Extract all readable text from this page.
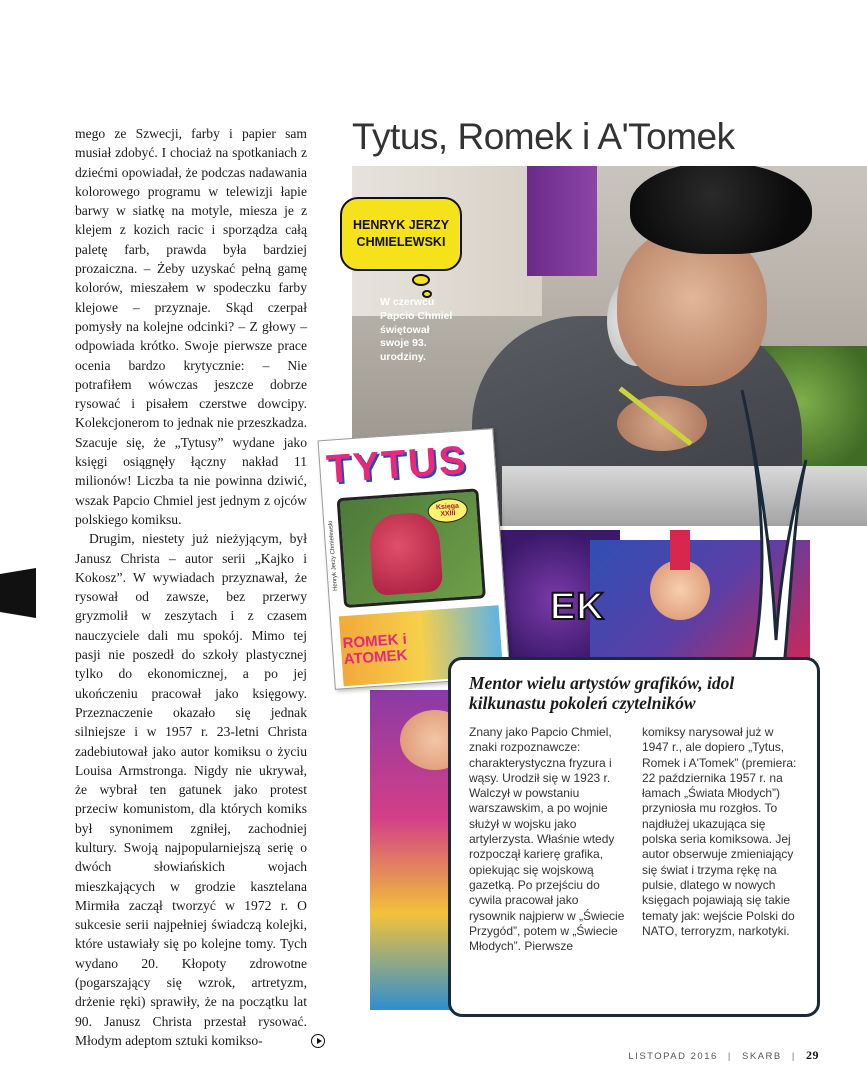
mego ze Szwecji, farby i papier sam musiał zdobyć. I chociaż na spotkaniach z dziećmi opowiadał, że podczas nadawania kolorowego programu w telewizji łapie barwy w siatkę na motyle, miesza je z klejem z kozich racic i sporządza całą paletę farb, prawda była bardziej prozaiczna. – Żeby uzyskać pełną gamę kolorów, mieszałem w spodeczku farby klejowe – przyznaje. Skąd czerpał pomysły na kolejne odcinki? – Z głowy – odpowiada krótko. Swoje pierwsze prace ocenia bardzo krytycznie: – Nie potrafiłem wówczas jeszcze dobrze rysować i pisałem czerstwe dowcipy. Kolekcjonerom to jednak nie przeszkadza. Szacuje się, że „Tytusy” wydane jako księgi osiągnęły łączny nakład 11 milionów! Liczba ta nie powinna dziwić, wszak Papcio Chmiel jest jednym z ojców polskiego komiksu.

Drugim, niestety już nieżyjącym, był Janusz Christa – autor serii „Kajko i Kokosz”. W wywiadach przyznawał, że rysował od zawsze, bez przerwy gryzmolił w zeszytach i z czasem nauczyciele dali mu spokój. Mimo tej pasji nie poszedł do szkoły plastycznej tylko do ekonomicznej, a po jej ukończeniu pracował jako księgowy. Przeznaczenie okazało się jednak silniejsze i w 1957 r. 23-letni Christa zadebiutował jako autor komiksu o życiu Louisa Armstronga. Nigdy nie ukrywał, że wybrał ten gatunek jako protest przeciw komunistom, dla których komiks był synonimem zgniłej, zachodniej kultury. Swoją najpopularniejszą serię o dwóch słowiańskich wojach mieszkających w grodzie kasztelana Mirmiła zaczął tworzyć w 1972 r. O sukcesie serii najpełniej świadczą kolejki, które ustawiały się po kolejne tomy. Tych wydano 20. Kłopoty zdrowotne (pogarszający się wzrok, artretyzm, drżenie ręki) sprawiły, że na początku lat 90. Janusz Christa przestał rysować. Młodym adeptom sztuki komikso-

Tytus, Romek i A'Tomek
HENRYK JERZY CHMIELEWSKI
W czerwcu Papcio Chmiel świętował swoje 93. urodziny.
EK
TYTUS
ROMEK i ATOMEK
Henryk Jerzy Chmielewski
Księga XXIII
Mentor wielu artystów grafików, idol kilkunastu pokoleń czytelników
Znany jako Papcio Chmiel, znaki rozpoznawcze: charakterystyczna fryzura i wąsy. Urodził się w 1923 r. Walczył w powstaniu warszawskim, a po wojnie służył w wojsku jako artylerzysta. Właśnie wtedy rozpoczął karierę grafika, opiekując się wojskową gazetką. Po przejściu do cywila pracował jako rysownik najpierw w „Świecie Przygód”, potem w „Świecie Młodych”. Pierwsze
komiksy narysował już w 1947 r., ale dopiero „Tytus, Romek i A'Tomek” (premiera: 22 października 1957 r. na łamach „Świata Młodych”) przyniosła mu rozgłos. To najdłużej ukazująca się polska seria komiksowa. Jej autor obserwuje zmieniający się świat i trzyma rękę na pulsie, dlatego w nowych księgach pojawiają się takie tematy jak: wejście Polski do NATO, terroryzm, narkotyki.
LISTOPAD 2016 | SKARB | 29
